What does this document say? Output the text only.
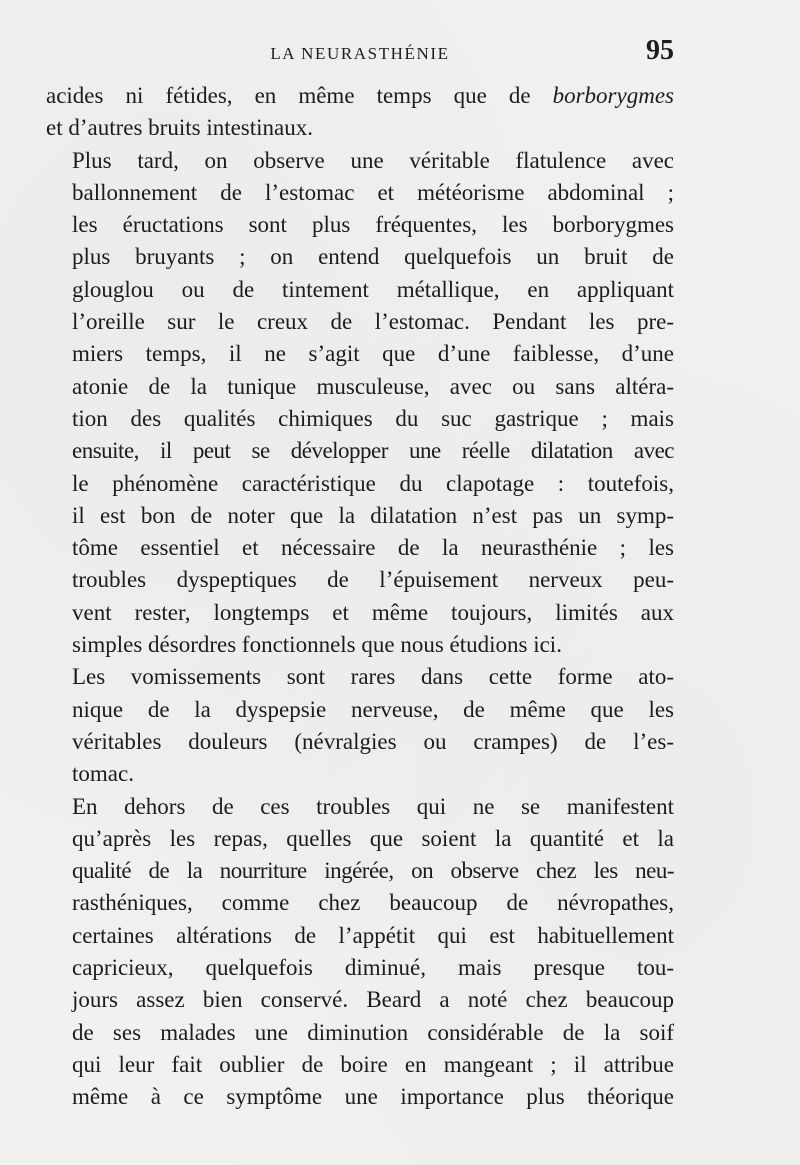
LA NEURASTHÉNIE	95

acides ni fétides, en même temps que de borborygmes
et d’autres bruits intestinaux.

Plus tard, on observe une véritable flatulence avec
ballonnement de l’estomac et météorisme abdominal ;
les éructations sont plus fréquentes, les borborygmes
plus bruyants ; on entend quelquefois un bruit de
glouglou ou de tintement métallique, en appliquant
l’oreille sur le creux de l’estomac. Pendant les pre-
miers temps, il ne s’agit que d’une faiblesse, d’une
atonie de la tunique musculeuse, avec ou sans altéra-
tion des qualités chimiques du suc gastrique ; mais
ensuite, il peut se développer une réelle dilatation avec
le phénomène caractéristique du clapotage : toutefois,
il est bon de noter que la dilatation n’est pas un symp-
tôme essentiel et nécessaire de la neurasthénie ; les
troubles dyspeptiques de l’épuisement nerveux peu-
vent rester, longtemps et même toujours, limités aux
simples désordres fonctionnels que nous étudions ici.

Les vomissements sont rares dans cette forme ato-
nique de la dyspepsie nerveuse, de même que les
véritables douleurs (névralgies ou crampes) de l’es-
tomac.

En dehors de ces troubles qui ne se manifestent
qu’après les repas, quelles que soient la quantité et la
qualité de la nourriture ingérée, on observe chez les neu-
rasthéniques, comme chez beaucoup de névropathes,
certaines altérations de l’appétit qui est habituellement
capricieux, quelquefois diminué, mais presque tou-
jours assez bien conservé. Beard a noté chez beaucoup
de ses malades une diminution considérable de la soif
qui leur fait oublier de boire en mangeant ; il attribue
même à ce symptôme une importance plus théorique
